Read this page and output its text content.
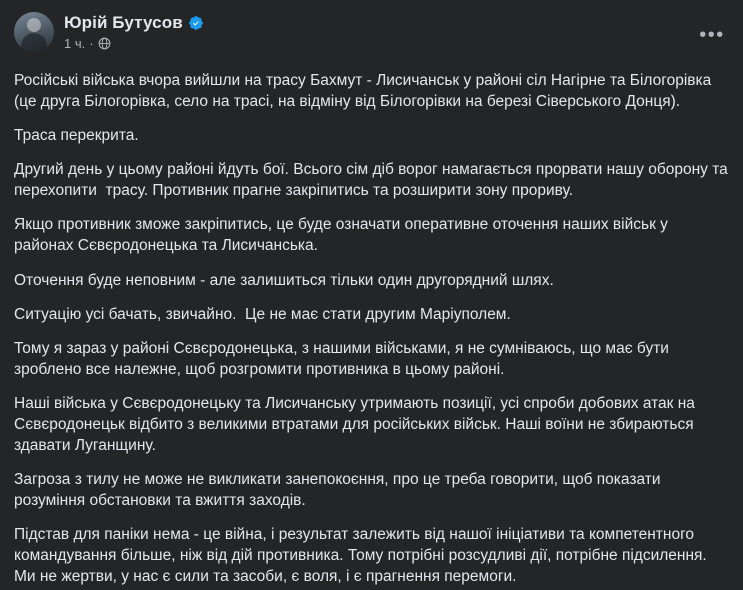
Юрій Бутусов
1 ч. ·	•••

Російські війська вчора вийшли на трасу Бахмут - Лисичанськ у районі сіл Нагірне та Білогорівка (це друга Білогорівка, село на трасі, на відміну від Білогорівки на березі Сіверського Донця).

Траса перекрита.

Другий день у цьому районі йдуть бої. Всього сім діб ворог намагається прорвати нашу оборону та перехопити  трасу. Противник прагне закріпитись та розширити зону прориву.

Якщо противник зможе закріпитись, це буде означати оперативне оточення наших військ у районах Сєвєродонецька та Лисичанська.

Оточення буде неповним - але залишиться тільки один другорядний шлях.

Ситуацію усі бачать, звичайно.  Це не має стати другим Маріуполем.

Тому я зараз у районі Сєвєродонецька, з нашими військами, я не сумніваюсь, що має бути зроблено все належне, щоб розгромити противника в цьому районі.

Наші війська у Сєвєродонецьку та Лисичанську утримають позиції, усі спроби добових атак на Сєвєродонецьк відбито з великими втратами для російських військ. Наші воїни не збираються здавати Луганщину.

Загроза з тилу не може не викликати занепокоєння, про це треба говорити, щоб показати розуміння обстановки та вжиття заходів.

Підстав для паніки нема - це війна, і результат залежить від нашої ініціативи та компетентного командування більше, ніж від дій противника. Тому потрібні розсудливі дії, потрібне підсилення. Ми не жертви, у нас є сили та засоби, є воля, і є прагнення перемоги.
